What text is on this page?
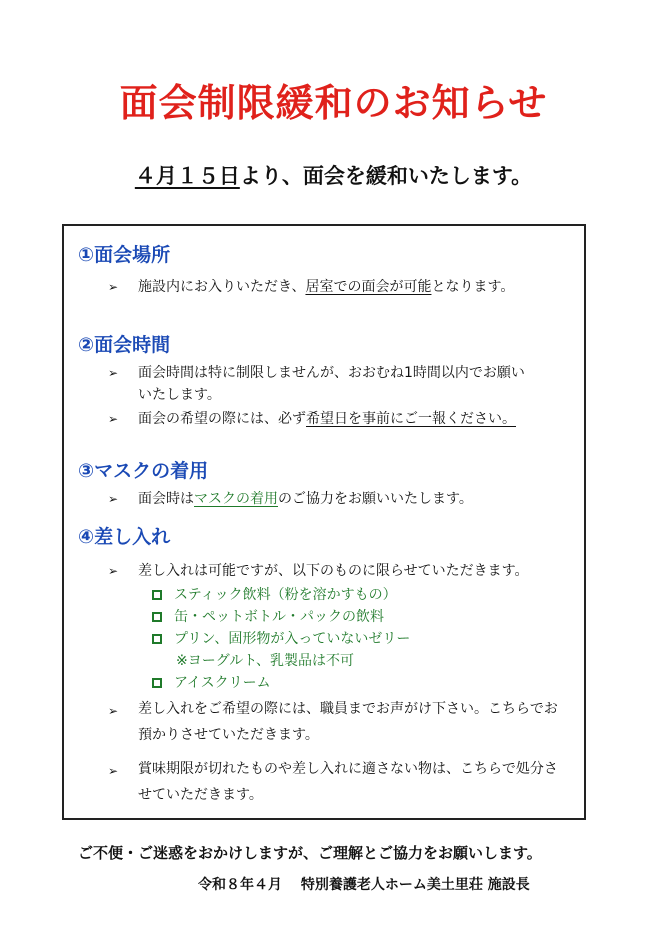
面会制限緩和のお知らせ
４月１５日より、面会を緩和いたします。
①面会場所
➢ 施設内にお入りいただき、居室での面会が可能となります。
②面会時間
➢ 面会時間は特に制限しませんが、おおむね1時間以内でお願いいたします。
➢ 面会の希望の際には、必ず希望日を事前にご一報ください。
③マスクの着用
➢ 面会時はマスクの着用のご協力をお願いいたします。
④差し入れ
➢ 差し入れは可能ですが、以下のものに限らせていただきます。
スティック飲料（粉を溶かすもの）
缶・ペットボトル・パックの飲料
プリン、固形物が入っていないゼリー
※ヨーグルト、乳製品は不可
アイスクリーム
➢ 差し入れをご希望の際には、職員までお声がけ下さい。こちらでお預かりさせていただきます。
➢ 賞味期限が切れたものや差し入れに適さない物は、こちらで処分させていただきます。
ご不便・ご迷惑をおかけしますが、ご理解とご協力をお願いします。
令和８年４月　 特別養護老人ホーム美土里荘 施設長
